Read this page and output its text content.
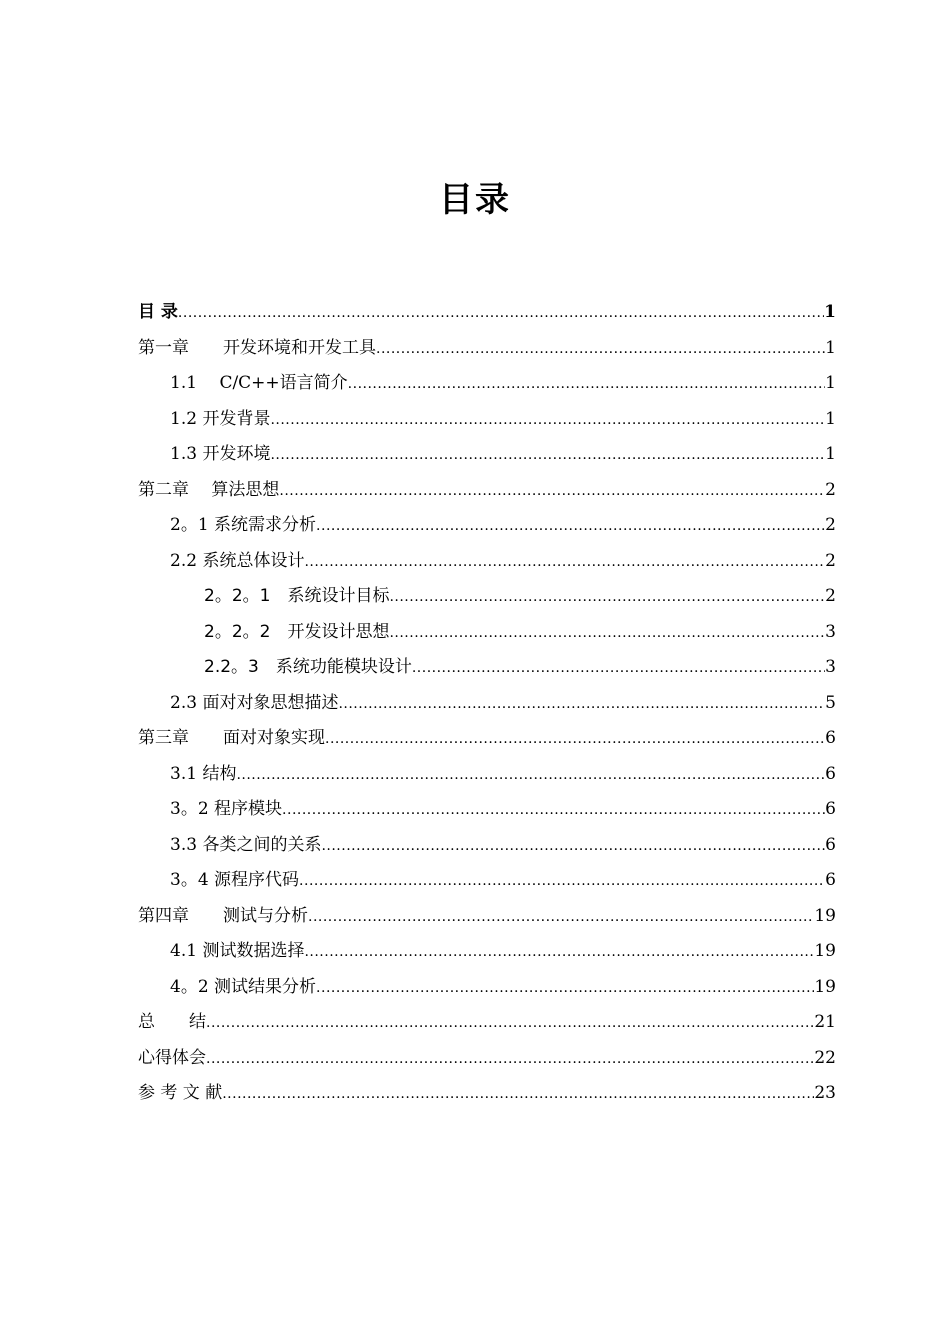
目录
目 录 .....	1
第一章　　开发环境和开发工具 .....	1
1.1　 C/C++语言简介 .....	1
1.2 开发背景 .....	1
1.3 开发环境 .....	1
第二章　 算法思想 .....	2
2。1 系统需求分析 .....	2
2.2 系统总体设计 .....	2
2。2。1　系统设计目标 .....	2
2。2。2　开发设计思想 .....	3
2.2。3　系统功能模块设计 .....	3
2.3 面对对象思想描述 .....	5
第三章　　面对对象实现 .....	6
3.1 结构 .....	6
3。2 程序模块 .....	6
3.3 各类之间的关系 .....	6
3。4 源程序代码 .....	6
第四章　　测试与分析 .....	19
4.1 测试数据选择 .....	19
4。2 测试结果分析 .....	19
总　　结 .....	21
心得体会 .....	22
参 考 文 献 .....	23
